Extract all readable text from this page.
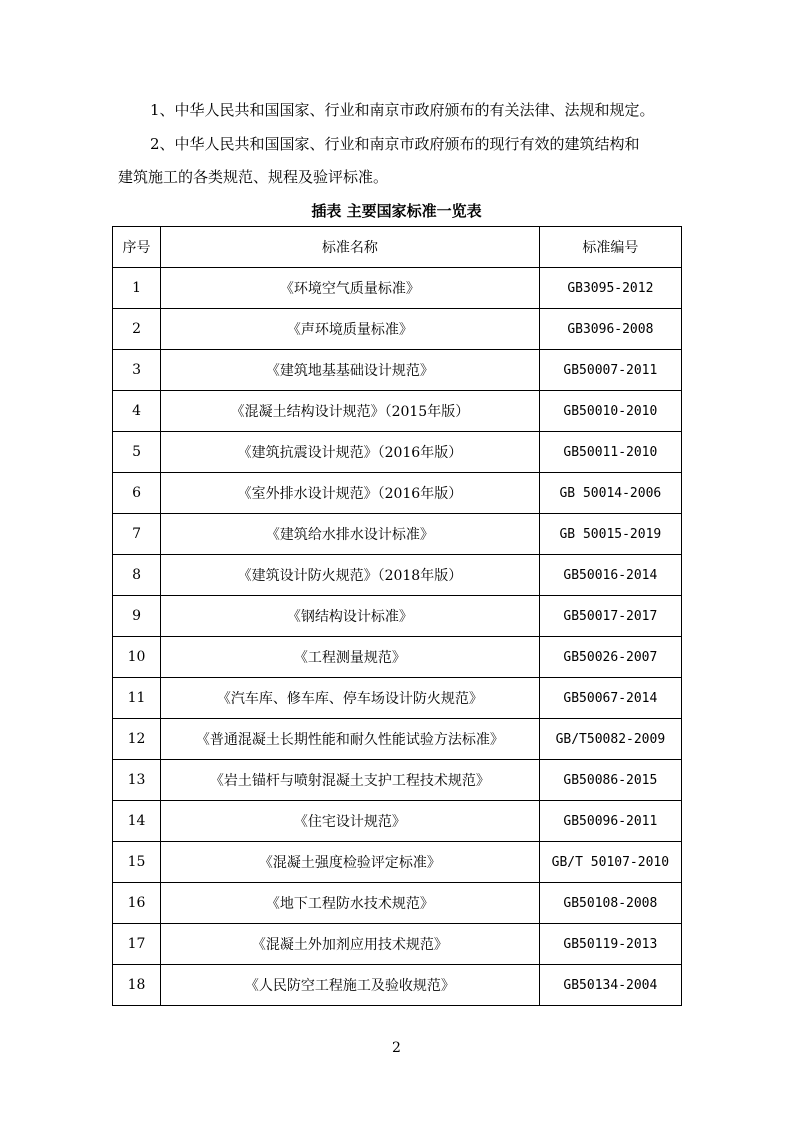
1、中华人民共和国国家、行业和南京市政府颁布的有关法律、法规和规定。

2、中华人民共和国国家、行业和南京市政府颁布的现行有效的建筑结构和

建筑施工的各类规范、规程及验评标准。

插表 主要国家标准一览表
序号	标准名称	标准编号
1	《环境空气质量标准》	GB3095-2012
2	《声环境质量标准》	GB3096-2008
3	《建筑地基基础设计规范》	GB50007-2011
4	《混凝土结构设计规范》（2015年版）	GB50010-2010
5	《建筑抗震设计规范》（2016年版）	GB50011-2010
6	《室外排水设计规范》（2016年版）	GB 50014-2006
7	《建筑给水排水设计标准》	GB 50015-2019
8	《建筑设计防火规范》（2018年版）	GB50016-2014
9	《钢结构设计标准》	GB50017-2017
10	《工程测量规范》	GB50026-2007
11	《汽车库、修车库、停车场设计防火规范》	GB50067-2014
12	《普通混凝土长期性能和耐久性能试验方法标准》	GB/T50082-2009
13	《岩土锚杆与喷射混凝土支护工程技术规范》	GB50086-2015
14	《住宅设计规范》	GB50096-2011
15	《混凝土强度检验评定标准》	GB/T 50107-2010
16	《地下工程防水技术规范》	GB50108-2008
17	《混凝土外加剂应用技术规范》	GB50119-2013
18	《人民防空工程施工及验收规范》	GB50134-2004
2
